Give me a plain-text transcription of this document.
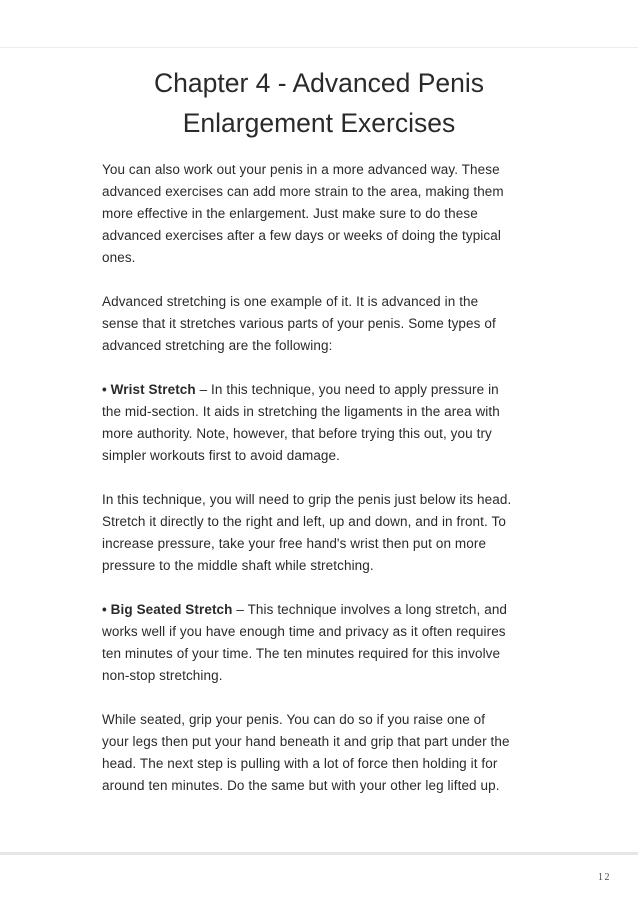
Chapter 4 - Advanced Penis
Enlargement Exercises

You can also work out your penis in a more advanced way. These
advanced exercises can add more strain to the area, making them
more effective in the enlargement. Just make sure to do these
advanced exercises after a few days or weeks of doing the typical
ones.

Advanced stretching is one example of it. It is advanced in the
sense that it stretches various parts of your penis. Some types of
advanced stretching are the following:

• Wrist Stretch – In this technique, you need to apply pressure in
the mid-section. It aids in stretching the ligaments in the area with
more authority. Note, however, that before trying this out, you try
simpler workouts first to avoid damage.

In this technique, you will need to grip the penis just below its head.
Stretch it directly to the right and left, up and down, and in front. To
increase pressure, take your free hand's wrist then put on more
pressure to the middle shaft while stretching.

• Big Seated Stretch – This technique involves a long stretch, and
works well if you have enough time and privacy as it often requires
ten minutes of your time. The ten minutes required for this involve
non-stop stretching.

While seated, grip your penis. You can do so if you raise one of
your legs then put your hand beneath it and grip that part under the
head. The next step is pulling with a lot of force then holding it for
around ten minutes. Do the same but with your other leg lifted up.

12
